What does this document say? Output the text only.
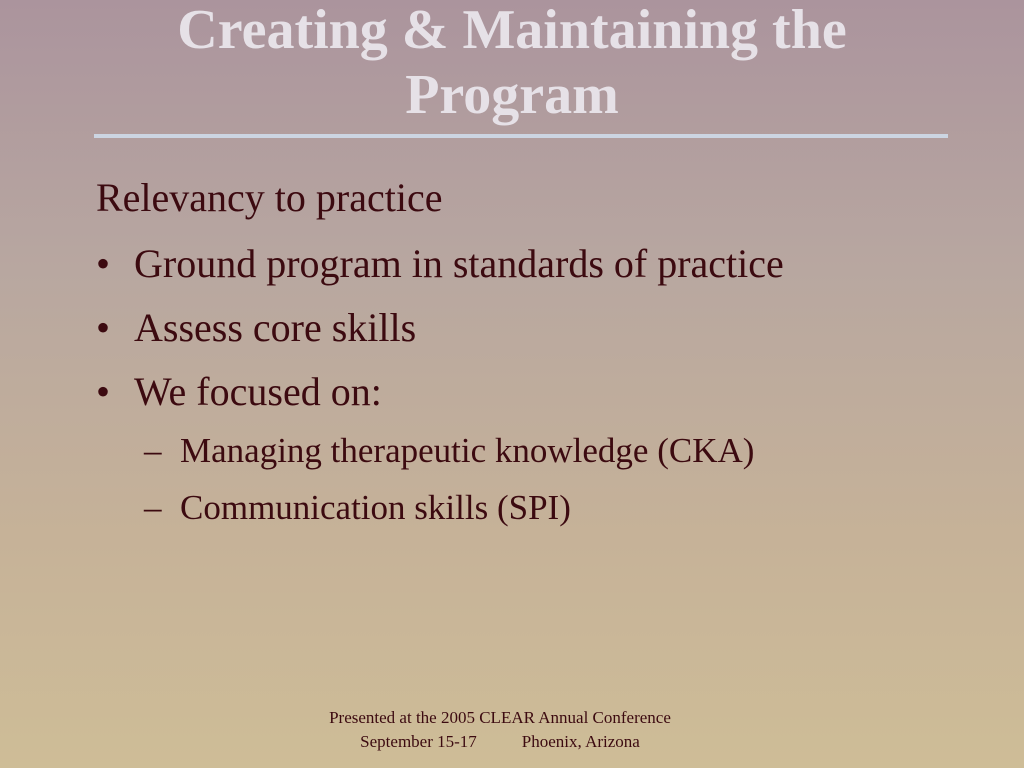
Creating & Maintaining the
Program
Relevancy to practice
• Ground program in standards of practice
• Assess core skills
• We focused on:
– Managing therapeutic knowledge (CKA)
– Communication skills (SPI)
Presented at the 2005 CLEAR Annual Conference
September 15-17	Phoenix, Arizona
